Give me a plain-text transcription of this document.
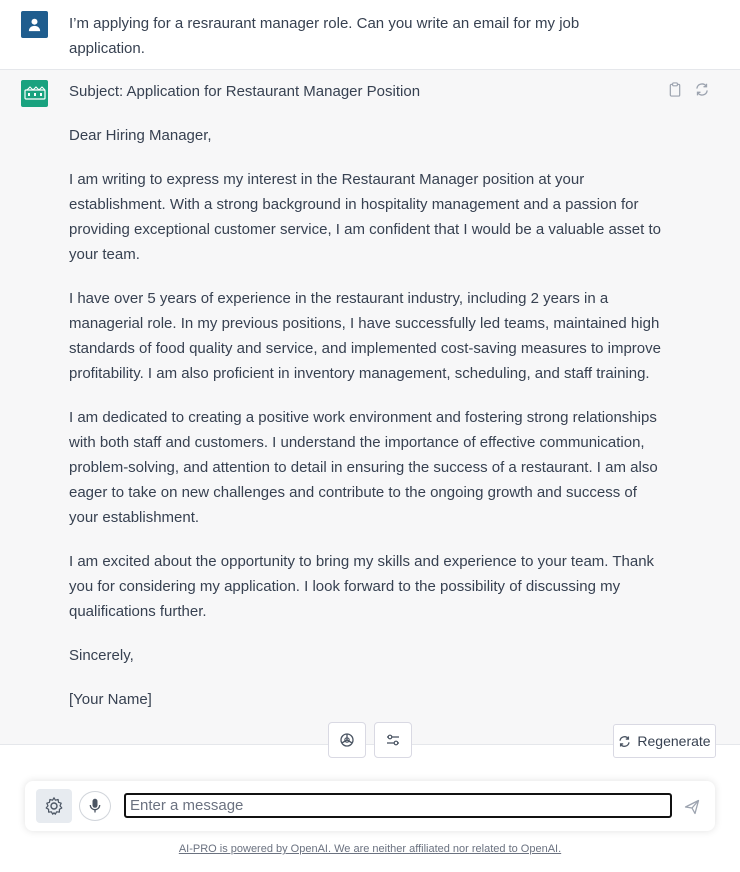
I’m applying for a resraurant manager role. Can you write an email for my job application.

Subject: Application for Restaurant Manager Position

Dear Hiring Manager,

I am writing to express my interest in the Restaurant Manager position at your establishment. With a strong background in hospitality management and a passion for providing exceptional customer service, I am confident that I would be a valuable asset to your team.

I have over 5 years of experience in the restaurant industry, including 2 years in a managerial role. In my previous positions, I have successfully led teams, maintained high standards of food quality and service, and implemented cost-saving measures to improve profitability. I am also proficient in inventory management, scheduling, and staff training.

I am dedicated to creating a positive work environment and fostering strong relationships with both staff and customers. I understand the importance of effective communication, problem-solving, and attention to detail in ensuring the success of a restaurant. I am also eager to take on new challenges and contribute to the ongoing growth and success of your establishment.

I am excited about the opportunity to bring my skills and experience to your team. Thank you for considering my application. I look forward to the possibility of discussing my qualifications further.

Sincerely,

[Your Name]

Regenerate
Enter a message
AI-PRO is powered by OpenAI. We are neither affiliated nor related to OpenAI.
